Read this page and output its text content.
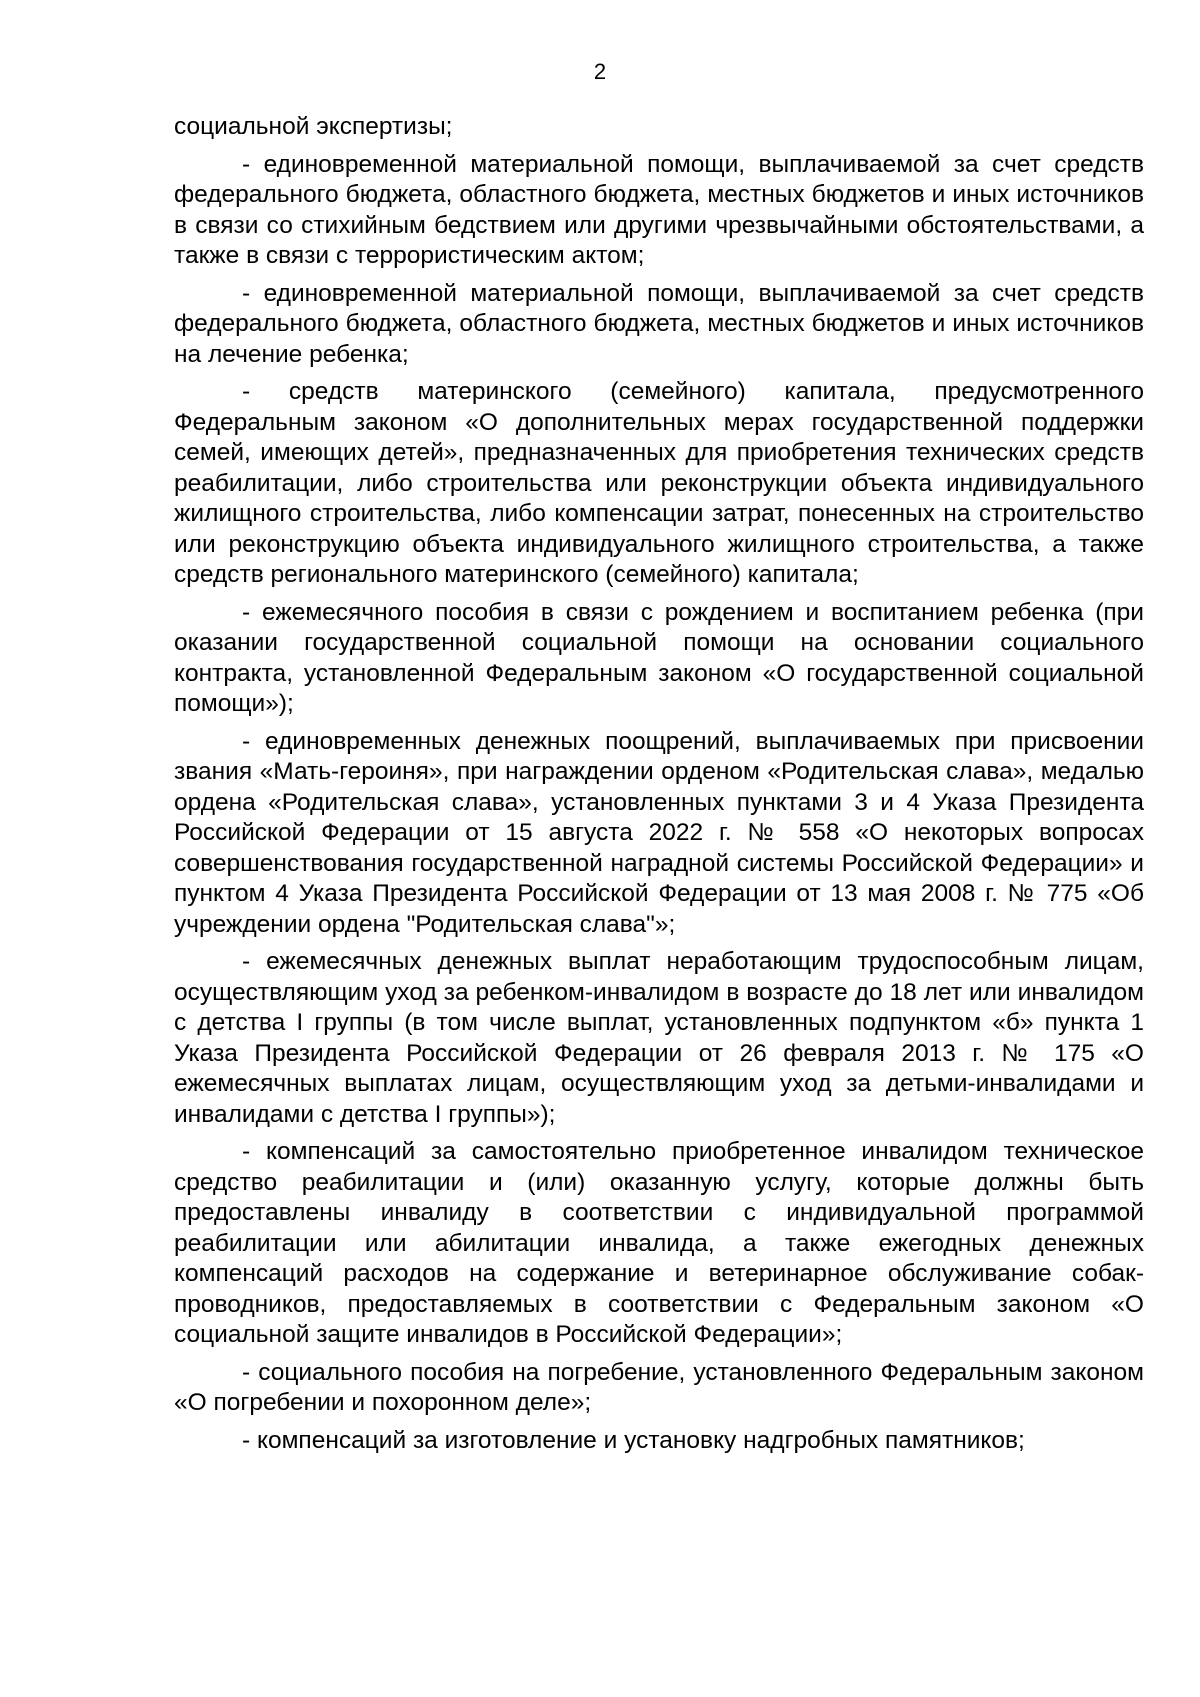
2

социальной экспертизы;

- единовременной материальной помощи, выплачиваемой за счет средств федерального бюджета, областного бюджета, местных бюджетов и иных источников в связи со стихийным бедствием или другими чрезвычайными обстоятельствами, а также в связи с террористическим актом;

- единовременной материальной помощи, выплачиваемой за счет средств федерального бюджета, областного бюджета, местных бюджетов и иных источников на лечение ребенка;

- средств материнского (семейного) капитала, предусмотренного Федеральным законом «О дополнительных мерах государственной поддержки семей, имеющих детей», предназначенных для приобретения технических средств реабилитации, либо строительства или реконструкции объекта индивидуального жилищного строительства, либо компенсации затрат, понесенных на строительство или реконструкцию объекта индивидуального жилищного строительства, а также средств регионального материнского (семейного) капитала;

- ежемесячного пособия в связи с рождением и воспитанием ребенка (при оказании государственной социальной помощи на основании социального контракта, установленной Федеральным законом «О государственной социальной помощи»);

- единовременных денежных поощрений, выплачиваемых при присвоении звания «Мать-героиня», при награждении орденом «Родительская слава», медалью ордена «Родительская слава», установленных пунктами 3 и 4 Указа Президента Российской Федерации от 15 августа 2022 г. № 558 «О некоторых вопросах совершенствования государственной наградной системы Российской Федерации» и пунктом 4 Указа Президента Российской Федерации от 13 мая 2008 г. № 775 «Об учреждении ордена "Родительская слава"»;

- ежемесячных денежных выплат неработающим трудоспособным лицам, осуществляющим уход за ребенком-инвалидом в возрасте до 18 лет или инвалидом с детства I группы (в том числе выплат, установленных подпунктом «б» пункта 1 Указа Президента Российской Федерации от 26 февраля 2013 г. № 175 «О ежемесячных выплатах лицам, осуществляющим уход за детьми-инвалидами и инвалидами с детства I группы»);

- компенсаций за самостоятельно приобретенное инвалидом техническое средство реабилитации и (или) оказанную услугу, которые должны быть предоставлены инвалиду в соответствии с индивидуальной программой реабилитации или абилитации инвалида, а также ежегодных денежных компенсаций расходов на содержание и ветеринарное обслуживание собак-проводников, предоставляемых в соответствии с Федеральным законом «О социальной защите инвалидов в Российской Федерации»;

- социального пособия на погребение, установленного Федеральным законом «О погребении и похоронном деле»;

- компенсаций за изготовление и установку надгробных памятников;
